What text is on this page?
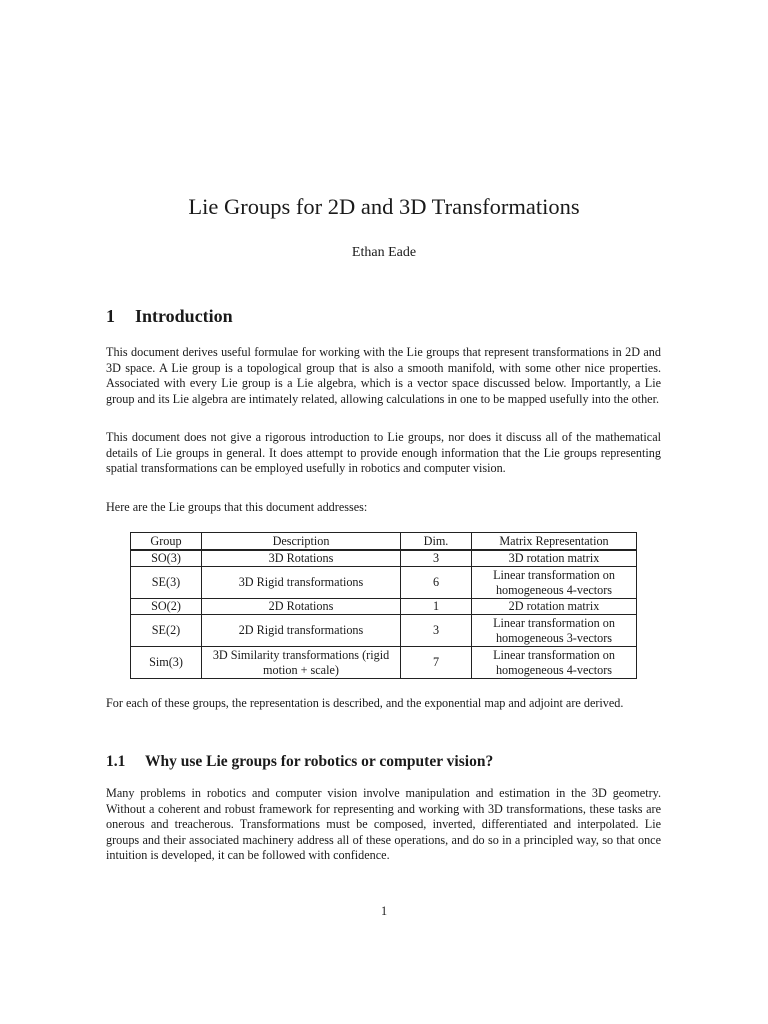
Lie Groups for 2D and 3D Transformations

Ethan Eade

1 Introduction

This document derives useful formulae for working with the Lie groups that represent transformations in 2D and 3D space. A Lie group is a topological group that is also a smooth manifold, with some other nice properties. Associated with every Lie group is a Lie algebra, which is a vector space discussed below. Importantly, a Lie group and its Lie algebra are intimately related, allowing calculations in one to be mapped usefully into the other.

This document does not give a rigorous introduction to Lie groups, nor does it discuss all of the mathematical details of Lie groups in general. It does attempt to provide enough information that the Lie groups representing spatial transformations can be employed usefully in robotics and computer vision.

Here are the Lie groups that this document addresses:

Group	Description	Dim.	Matrix Representation
SO(3)	3D Rotations	3	3D rotation matrix
SE(3)	3D Rigid transformations	6	Linear transformation on homogeneous 4-vectors
SO(2)	2D Rotations	1	2D rotation matrix
SE(2)	2D Rigid transformations	3	Linear transformation on homogeneous 3-vectors
Sim(3)	3D Similarity transformations (rigid motion + scale)	7	Linear transformation on homogeneous 4-vectors

For each of these groups, the representation is described, and the exponential map and adjoint are derived.

1.1 Why use Lie groups for robotics or computer vision?

Many problems in robotics and computer vision involve manipulation and estimation in the 3D geometry. Without a coherent and robust framework for representing and working with 3D transformations, these tasks are onerous and treacherous. Transformations must be composed, inverted, differentiated and interpolated. Lie groups and their associated machinery address all of these operations, and do so in a principled way, so that once intuition is developed, it can be followed with confidence.

1
